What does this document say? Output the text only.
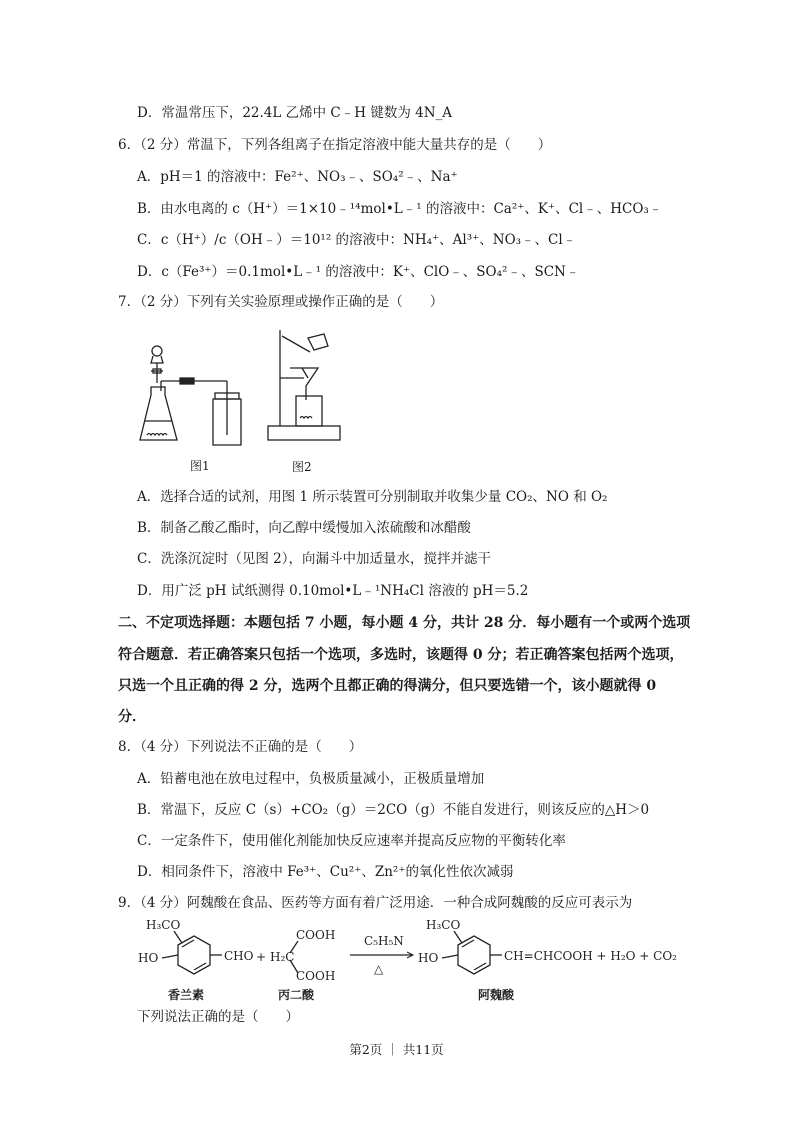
D．常温常压下，22.4L 乙烯中 C﹣H 键数为 4N_A
6．（2 分）常温下，下列各组离子在指定溶液中能大量共存的是（　　）
A．pH＝1 的溶液中：Fe²⁺、NO₃﹣、SO₄²﹣、Na⁺
B．由水电离的 c（H⁺）＝1×10﹣¹⁴mol•L﹣¹ 的溶液中：Ca²⁺、K⁺、Cl﹣、HCO₃﹣
C．c（H⁺）/c（OH﹣）＝10¹² 的溶液中：NH₄⁺、Al³⁺、NO₃﹣、Cl﹣
D．c（Fe³⁺）＝0.1mol•L﹣¹ 的溶液中：K⁺、ClO﹣、SO₄²﹣、SCN﹣
7．（2 分）下列有关实验原理或操作正确的是（　　）
图1	图2
A．选择合适的试剂，用图 1 所示装置可分别制取并收集少量 CO₂、NO 和 O₂
B．制备乙酸乙酯时，向乙醇中缓慢加入浓硫酸和冰醋酸
C．洗涤沉淀时（见图 2），向漏斗中加适量水，搅拌并滤干
D．用广泛 pH 试纸测得 0.10mol•L﹣¹NH₄Cl 溶液的 pH＝5.2
二、不定项选择题：本题包括 7 小题，每小题 4 分，共计 28 分．每小题有一个或两个选项
符合题意．若正确答案只包括一个选项，多选时，该题得 0 分；若正确答案包括两个选项，
只选一个且正确的得 2 分，选两个且都正确的得满分，但只要选错一个，该小题就得 0
分．
8．（4 分）下列说法不正确的是（　　）
A．铅蓄电池在放电过程中，负极质量减小，正极质量增加
B．常温下，反应 C（s）+CO₂（g）＝2CO（g）不能自发进行，则该反应的△H＞0
C．一定条件下，使用催化剂能加快反应速率并提高反应物的平衡转化率
D．相同条件下，溶液中 Fe³⁺、Cu²⁺、Zn²⁺的氧化性依次减弱
9．（4 分）阿魏酸在食品、医药等方面有着广泛用途．一种合成阿魏酸的反应可表示为
H₃CO
HO	CHO +
COOH
H₂C
COOH
C₅H₅N
△
H₃CO
HO	CH=CHCOOH + H₂O + CO₂
香兰素	丙二酸	阿魏酸
下列说法正确的是（　　）
第2页 ｜ 共11页
